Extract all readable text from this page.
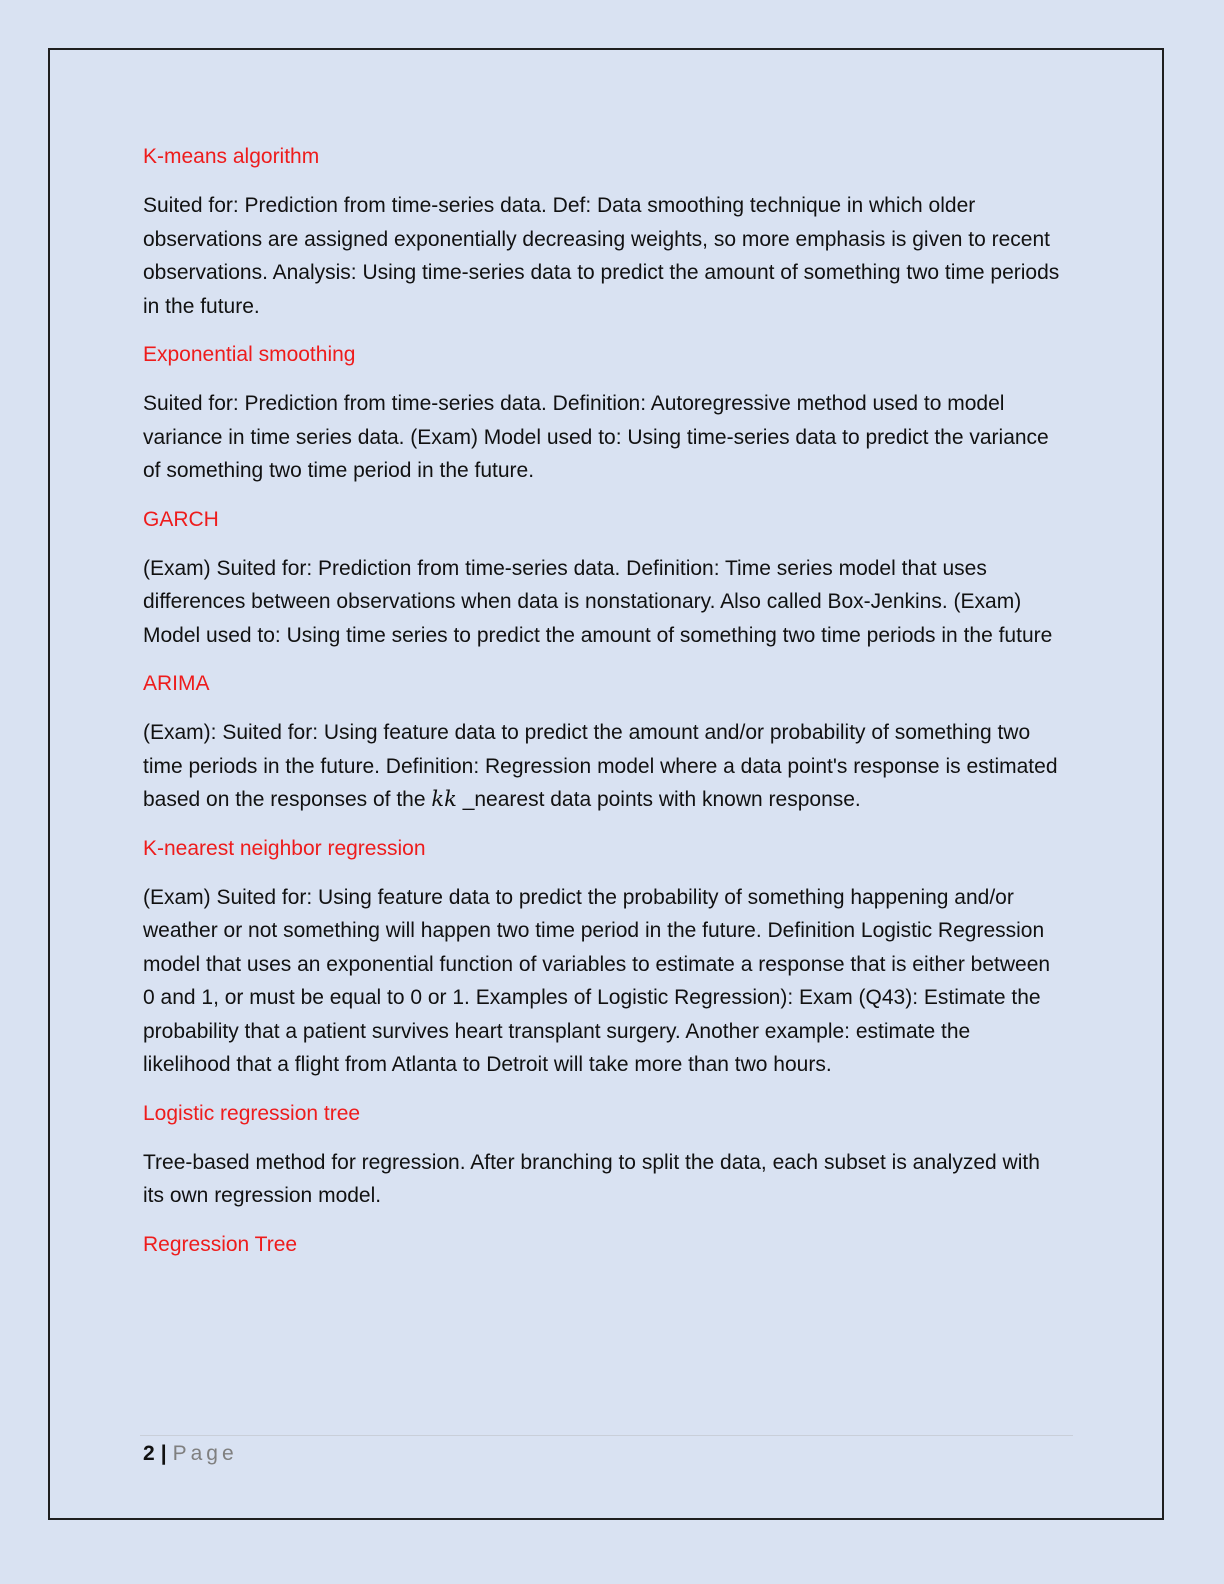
K-means algorithm

Suited for: Prediction from time-series data. Def: Data smoothing technique in which older observations are assigned exponentially decreasing weights, so more emphasis is given to recent observations. Analysis: Using time-series data to predict the amount of something two time periods in the future.

Exponential smoothing

Suited for: Prediction from time-series data. Definition: Autoregressive method used to model variance in time series data. (Exam) Model used to: Using time-series data to predict the variance of something two time period in the future.

GARCH

(Exam) Suited for: Prediction from time-series data. Definition: Time series model that uses differences between observations when data is nonstationary. Also called Box-Jenkins. (Exam) Model used to: Using time series to predict the amount of something two time periods in the future

ARIMA

(Exam): Suited for: Using feature data to predict the amount and/or probability of something two time periods in the future. Definition: Regression model where a data point's response is estimated based on the responses of the kk _nearest data points with known response.

K-nearest neighbor regression

(Exam) Suited for: Using feature data to predict the probability of something happening and/or weather or not something will happen two time period in the future. Definition Logistic Regression model that uses an exponential function of variables to estimate a response that is either between 0 and 1, or must be equal to 0 or 1. Examples of Logistic Regression): Exam (Q43): Estimate the probability that a patient survives heart transplant surgery. Another example: estimate the likelihood that a flight from Atlanta to Detroit will take more than two hours.

Logistic regression tree

Tree-based method for regression. After branching to split the data, each subset is analyzed with its own regression model.

Regression Tree
2 | Page
